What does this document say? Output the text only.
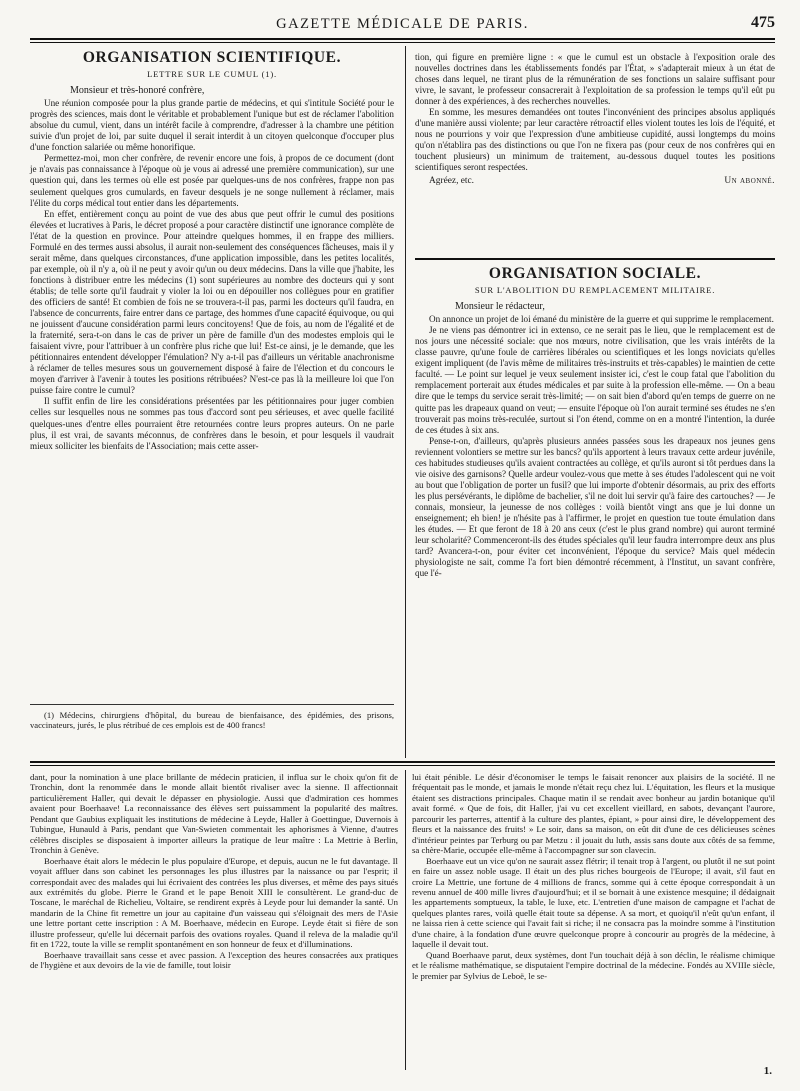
GAZETTE MÉDICALE DE PARIS.	475
ORGANISATION SCIENTIFIQUE.
LETTRE SUR LE CUMUL (1).

Monsieur et très-honoré confrère,

Une réunion composée pour la plus grande partie de médecins, et qui s'intitule Société pour le progrès des sciences, mais dont le véritable et probablement l'unique but est de réclamer l'abolition absolue du cumul, vient, dans un intérêt facile à comprendre, d'adresser à la chambre une pétition suivie d'un projet de loi, par suite duquel il serait interdit à un citoyen quelconque d'occuper plus d'une fonction salariée ou même honorifique.

Permettez-moi, mon cher confrère, de revenir encore une fois, à propos de ce document (dont je n'avais pas connaissance à l'époque où je vous ai adressé une première communication), sur une question qui, dans les termes où elle est posée par quelques-uns de nos confrères, frappe non pas seulement quelques gros cumulards, en faveur desquels je ne songe nullement à réclamer, mais l'élite du corps médical tout entier dans les départements.

En effet, entièrement conçu au point de vue des abus que peut offrir le cumul des positions élevées et lucratives à Paris, le décret proposé a pour caractère distinctif une ignorance complète de l'état de la question en province. Pour atteindre quelques hommes, il en frappe des milliers. Formulé en des termes aussi absolus, il aurait non-seulement des conséquences fâcheuses, mais il y serait même, dans quelques circonstances, d'une application impossible, dans les petites localités, par exemple, où il n'y a, où il ne peut y avoir qu'un ou deux médecins. Dans la ville que j'habite, les fonctions à distribuer entre les médecins (1) sont supérieures au nombre des docteurs qui y sont établis; de telle sorte qu'il faudrait y violer la loi ou en dépouiller nos collègues pour en gratifier des officiers de santé! Et combien de fois ne se trouvera-t-il pas, parmi les docteurs qu'il faudra, en l'absence de concurrents, faire entrer dans ce partage, des hommes d'une capacité équivoque, ou qui ne jouissent d'aucune considération parmi leurs concitoyens! Que de fois, au nom de l'égalité et de la fraternité, sera-t-on dans le cas de priver un père de famille d'un des modestes emplois qui le faisaient vivre, pour l'attribuer à un confrère plus riche que lui! Est-ce ainsi, je le demande, que les pétitionnaires entendent développer l'émulation? N'y a-t-il pas d'ailleurs un véritable anachronisme à réclamer de telles mesures sous un gouvernement disposé à faire de l'élection et du concours le moyen d'arriver à l'avenir à toutes les positions rétribuées? N'est-ce pas là la meilleure loi que l'on puisse faire contre le cumul?

Il suffit enfin de lire les considérations présentées par les pétitionnaires pour juger combien celles sur lesquelles nous ne sommes pas tous d'accord sont peu sérieuses, et avec quelle facilité quelques-unes d'entre elles pourraient être retournées contre leurs propres auteurs. On ne parle plus, il est vrai, de savants méconnus, de confrères dans le besoin, et pour lesquels il vaudrait mieux solliciter les bienfaits de l'Association; mais cette asser-

(1) Médecins, chirurgiens d'hôpital, du bureau de bienfaisance, des épidémies, des prisons, vaccinateurs, jurés, le plus rétribué de ces emplois est de 400 francs!

tion, qui figure en première ligne : « que le cumul est un obstacle à l'exposition orale des nouvelles doctrines dans les établissements fondés par l'État, » s'adapterait mieux à un état de choses dans lequel, ne tirant plus de la rémunération de ses fonctions un salaire suffisant pour vivre, le savant, le professeur consacrerait à l'exploitation de sa profession le temps qu'il eût pu donner à des expériences, à des recherches nouvelles.

En somme, les mesures demandées ont toutes l'inconvénient des principes absolus appliqués d'une manière aussi violente; par leur caractère rétroactif elles violent toutes les lois de l'équité, et nous ne pourrions y voir que l'expression d'une ambitieuse cupidité, aussi longtemps du moins qu'on n'établira pas des distinctions ou que l'on ne fixera pas (pour ceux de nos confrères qui en touchent plusieurs) un minimum de traitement, au-dessous duquel toutes les positions scientifiques seront respectées.

Agréez, etc.	Un abonné.
ORGANISATION SOCIALE.
SUR L'ABOLITION DU REMPLACEMENT MILITAIRE.

Monsieur le rédacteur,

On annonce un projet de loi émané du ministère de la guerre et qui supprime le remplacement.

Je ne viens pas démontrer ici in extenso, ce ne serait pas le lieu, que le remplacement est de nos jours une nécessité sociale: que nos mœurs, notre civilisation, que les vrais intérêts de la classe pauvre, qu'une foule de carrières libérales ou scientifiques et les longs noviciats qu'elles exigent impliquent (de l'avis même de militaires très-instruits et très-capables) le maintien de cette faculté. — Le point sur lequel je veux seulement insister ici, c'est le coup fatal que l'abolition du remplacement porterait aux études médicales et par suite à la profession elle-même. — On a beau dire que le temps du service serait très-limité; — on sait bien d'abord qu'en temps de guerre on ne quitte pas les drapeaux quand on veut; — ensuite l'époque où l'on aurait terminé ses études ne s'en trouverait pas moins très-reculée, surtout si l'on étend, comme on en a montré l'intention, la durée de ces études à six ans.

Pense-t-on, d'ailleurs, qu'après plusieurs années passées sous les drapeaux nos jeunes gens reviennent volontiers se mettre sur les bancs? qu'ils apportent à leurs travaux cette ardeur juvénile, ces habitudes studieuses qu'ils avaient contractées au collège, et qu'ils auront si tôt perdues dans la vie oisive des garnisons? Quelle ardeur voulez-vous que mette à ses études l'adolescent qui ne voit au bout que l'obligation de porter un fusil? que lui importe d'obtenir désormais, au prix des efforts les plus persévérants, le diplôme de bachelier, s'il ne doit lui servir qu'à faire des cartouches? — Je connais, monsieur, la jeunesse de nos collèges : voilà bientôt vingt ans que je lui donne un enseignement; eh bien! je n'hésite pas à l'affirmer, le projet en question tue toute émulation dans les études. — Et que feront de 18 à 20 ans ceux (c'est le plus grand nombre) qui auront terminé leur scholarité? Commenceront-ils des études spéciales qu'il leur faudra interrompre deux ans plus tard? Avancera-t-on, pour éviter cet inconvénient, l'époque du service? Mais quel médecin physiologiste ne sait, comme l'a fort bien démontré récemment, à l'Institut, un savant confrère, que l'é-

dant, pour la nomination à une place brillante de médecin praticien, il influa sur le choix qu'on fit de Tronchin, dont la renommée dans le monde allait bientôt rivaliser avec la sienne. Il affectionnait particulièrement Haller, qui devait le dépasser en physiologie. Aussi que d'admiration ces hommes avaient pour Boerhaave! La reconnaissance des élèves sert puissamment la popularité des maîtres. Pendant que Gaubius expliquait les institutions de médecine à Leyde, Haller à Goettingue, Duvernois à Tubingue, Hunauld à Paris, pendant que Van-Swieten commentait les aphorismes à Vienne, d'autres célèbres disciples se disposaient à importer ailleurs la pratique de leur maître : La Mettrie à Berlin, Tronchin à Genève.

Boerhaave était alors le médecin le plus populaire d'Europe, et depuis, aucun ne le fut davantage. Il voyait affluer dans son cabinet les personnages les plus illustres par la naissance ou par l'esprit; il correspondait avec des malades qui lui écrivaient des contrées les plus diverses, et même des pays situés aux extrémités du globe. Pierre le Grand et le pape Benoit XIII le consultèrent. Le grand-duc de Toscane, le maréchal de Richelieu, Voltaire, se rendirent exprès à Leyde pour lui demander la santé. Un mandarin de la Chine fit remettre un jour au capitaine d'un vaisseau qui s'éloignait des mers de l'Asie une lettre portant cette inscription : A M. Boerhaave, médecin en Europe. Leyde était si fière de son illustre professeur, qu'elle lui décernait parfois des ovations royales. Quand il releva de la maladie qu'il fit en 1722, toute la ville se remplit spontanément en son honneur de feux et d'illuminations.

Boerhaave travaillait sans cesse et avec passion. A l'exception des heures consacrées aux pratiques de l'hygiène et aux devoirs de la vie de famille, tout loisir

lui était pénible. Le désir d'économiser le temps le faisait renoncer aux plaisirs de la société. Il ne fréquentait pas le monde, et jamais le monde n'était reçu chez lui. L'équitation, les fleurs et la musique étaient ses distractions principales. Chaque matin il se rendait avec bonheur au jardin botanique qu'il avait formé. « Que de fois, dit Haller, j'ai vu cet excellent vieillard, en sabots, devançant l'aurore, parcourir les parterres, attentif à la culture des plantes, épiant, » pour ainsi dire, le développement des fleurs et la naissance des fruits! » Le soir, dans sa maison, on eût dit d'une de ces délicieuses scènes d'intérieur peintes par Terburg ou par Metzu : il jouait du luth, assis sans doute aux côtés de sa femme, sa chère-Marie, occupée elle-même à l'accompagner sur son clavecin.

Boerhaave eut un vice qu'on ne saurait assez flétrir; il tenait trop à l'argent, ou plutôt il ne sut point en faire un assez noble usage. Il était un des plus riches bourgeois de l'Europe; il avait, s'il faut en croire La Mettrie, une fortune de 4 millions de francs, somme qui à cette époque correspondait à un revenu annuel de 400 mille livres d'aujourd'hui; et il se bornait à une existence mesquine; il dédaignait les appartements somptueux, la table, le luxe, etc. L'entretien d'une maison de campagne et l'achat de quelques plantes rares, voilà quelle était toute sa dépense. A sa mort, et quoiqu'il n'eût qu'un enfant, il ne laissa rien à cette science qui l'avait fait si riche; il ne consacra pas la moindre somme à l'institution d'une chaire, à la fondation d'une œuvre quelconque propre à concourir au progrès de la médecine, à laquelle il devait tout.

Quand Boerhaave parut, deux systèmes, dont l'un touchait déjà à son déclin, le réalisme chimique et le réalisme mathématique, se disputaient l'empire doctrinal de la médecine. Fondés au XVIIIe siècle, le premier par Sylvius de Leboë, le se-

1.
